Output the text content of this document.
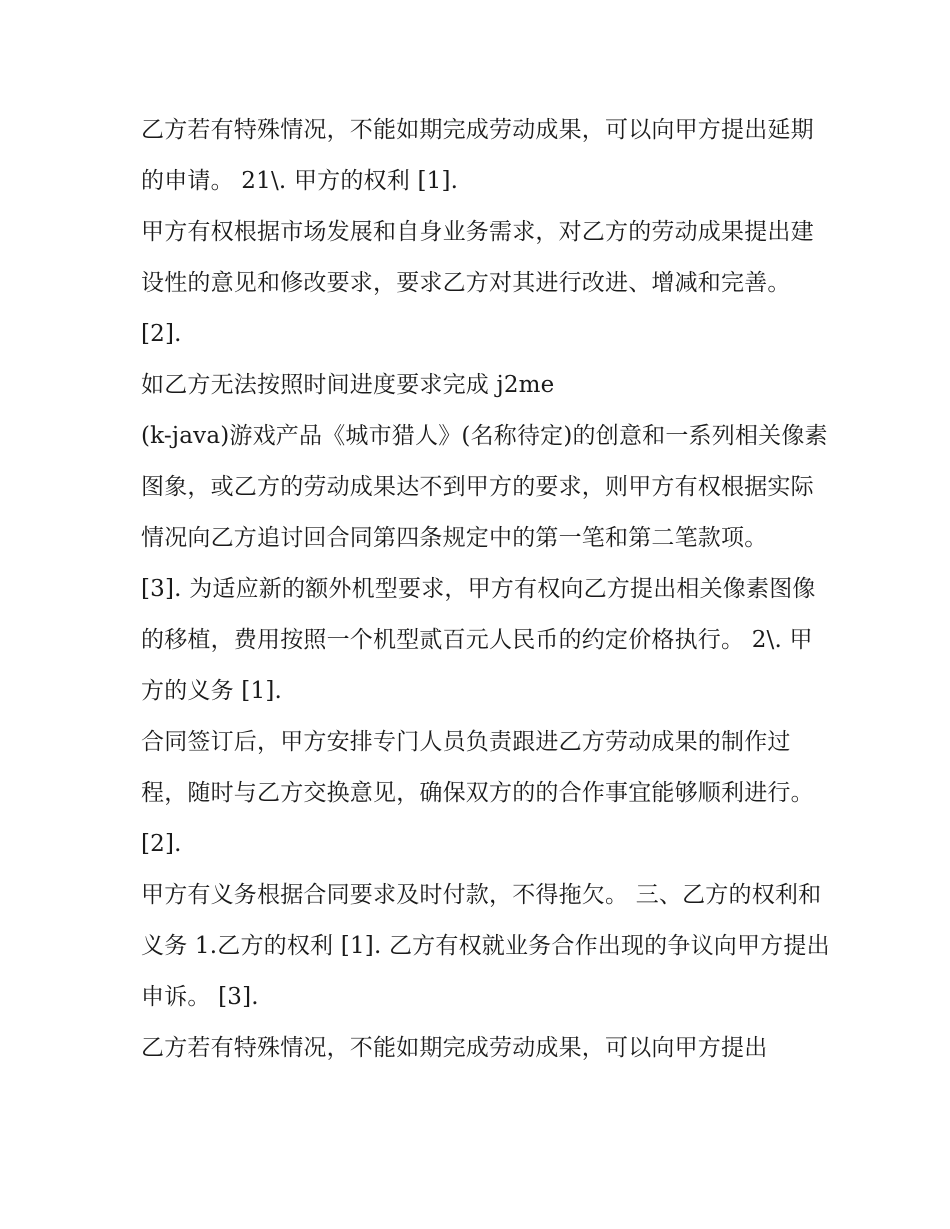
乙方若有特殊情况，不能如期完成劳动成果，可以向甲方提出延期的申请。 21\. 甲方的权利 [1].

甲方有权根据市场发展和自身业务需求，对乙方的劳动成果提出建设性的意见和修改要求，要求乙方对其进行改进、增减和完善。 [2].

如乙方无法按照时间进度要求完成 j2me

(k-java)游戏产品《城市猎人》(名称待定)的创意和一系列相关像素图象，或乙方的劳动成果达不到甲方的要求，则甲方有权根据实际情况向乙方追讨回合同第四条规定中的第一笔和第二笔款项。

[3]. 为适应新的额外机型要求，甲方有权向乙方提出相关像素图像的移植，费用按照一个机型贰百元人民币的约定价格执行。 2\. 甲方的义务 [1].

合同签订后，甲方安排专门人员负责跟进乙方劳动成果的制作过程，随时与乙方交换意见，确保双方的的合作事宜能够顺利进行。 [2].

甲方有义务根据合同要求及时付款，不得拖欠。 三、乙方的权利和义务 1.乙方的权利 [1]. 乙方有权就业务合作出现的争议向甲方提出申诉。 [3].

乙方若有特殊情况，不能如期完成劳动成果，可以向甲方提出
